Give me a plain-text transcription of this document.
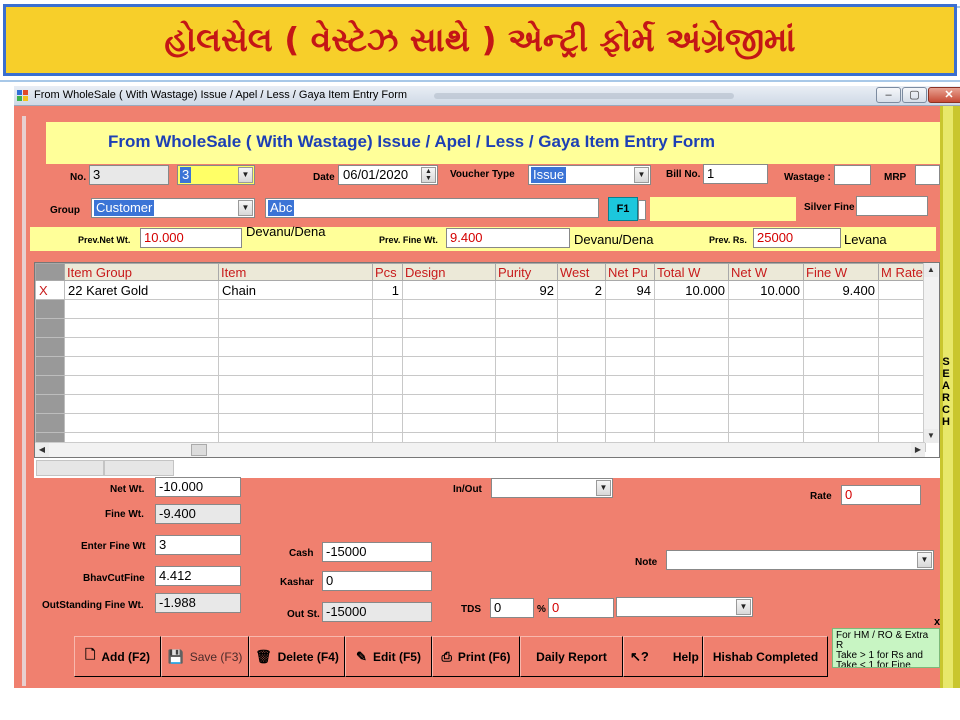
હોલસેલ ( વેસ્ટેઝ સાથે ) એન્ટ્રી ફોર્મ અંગ્રેજીમાં
From WholeSale ( With Wastage) Issue / Apel / Less / Gaya Item Entry Form	–	▢	✕
From WholeSale ( With Wastage) Issue / Apel / Less / Gaya Item Entry Form
S
E
A
R
C
H
No. 3	3	▼	Date 06/01/2020	▲
▼	Voucher Type Issue	▼	Bill No. 1	Wastage :	MRP
Group Customer	▼ Abc	F1	Silver Fine
Prev.Net Wt.	10.000	Devanu/Dena
Prev. Fine Wt. 9.400	Devanu/Dena	Prev. Rs. 25000	Levana
	Item Group	Item	Pcs	Design	Purity	West	Net Pu	Total W	Net W	Fine W	M Rate
X	22 Karet Gold	Chain	1		92	2	94	10.000	10.000	9.400	

▲
▼
◀	▶
Net Wt.	-10.000
Fine Wt.	-9.400
Enter Fine Wt	3
BhavCutFine	4.412
OutStanding Fine Wt.	-1.988
In/Out	▼
Cash -15000
Kashar 0
Out St. -15000
Rate	0
Note	▼
TDS	0	% 0	▼
🗋 Add (F2) 💾 Save (F3) 🗑 Delete (F4) ✎ Edit (F5) ⎙ Print (F6) Daily Report ↖? Help Hishab Completed
x
For HM / RO & Extra R
Take > 1 for Rs and
Take < 1 for Fine
